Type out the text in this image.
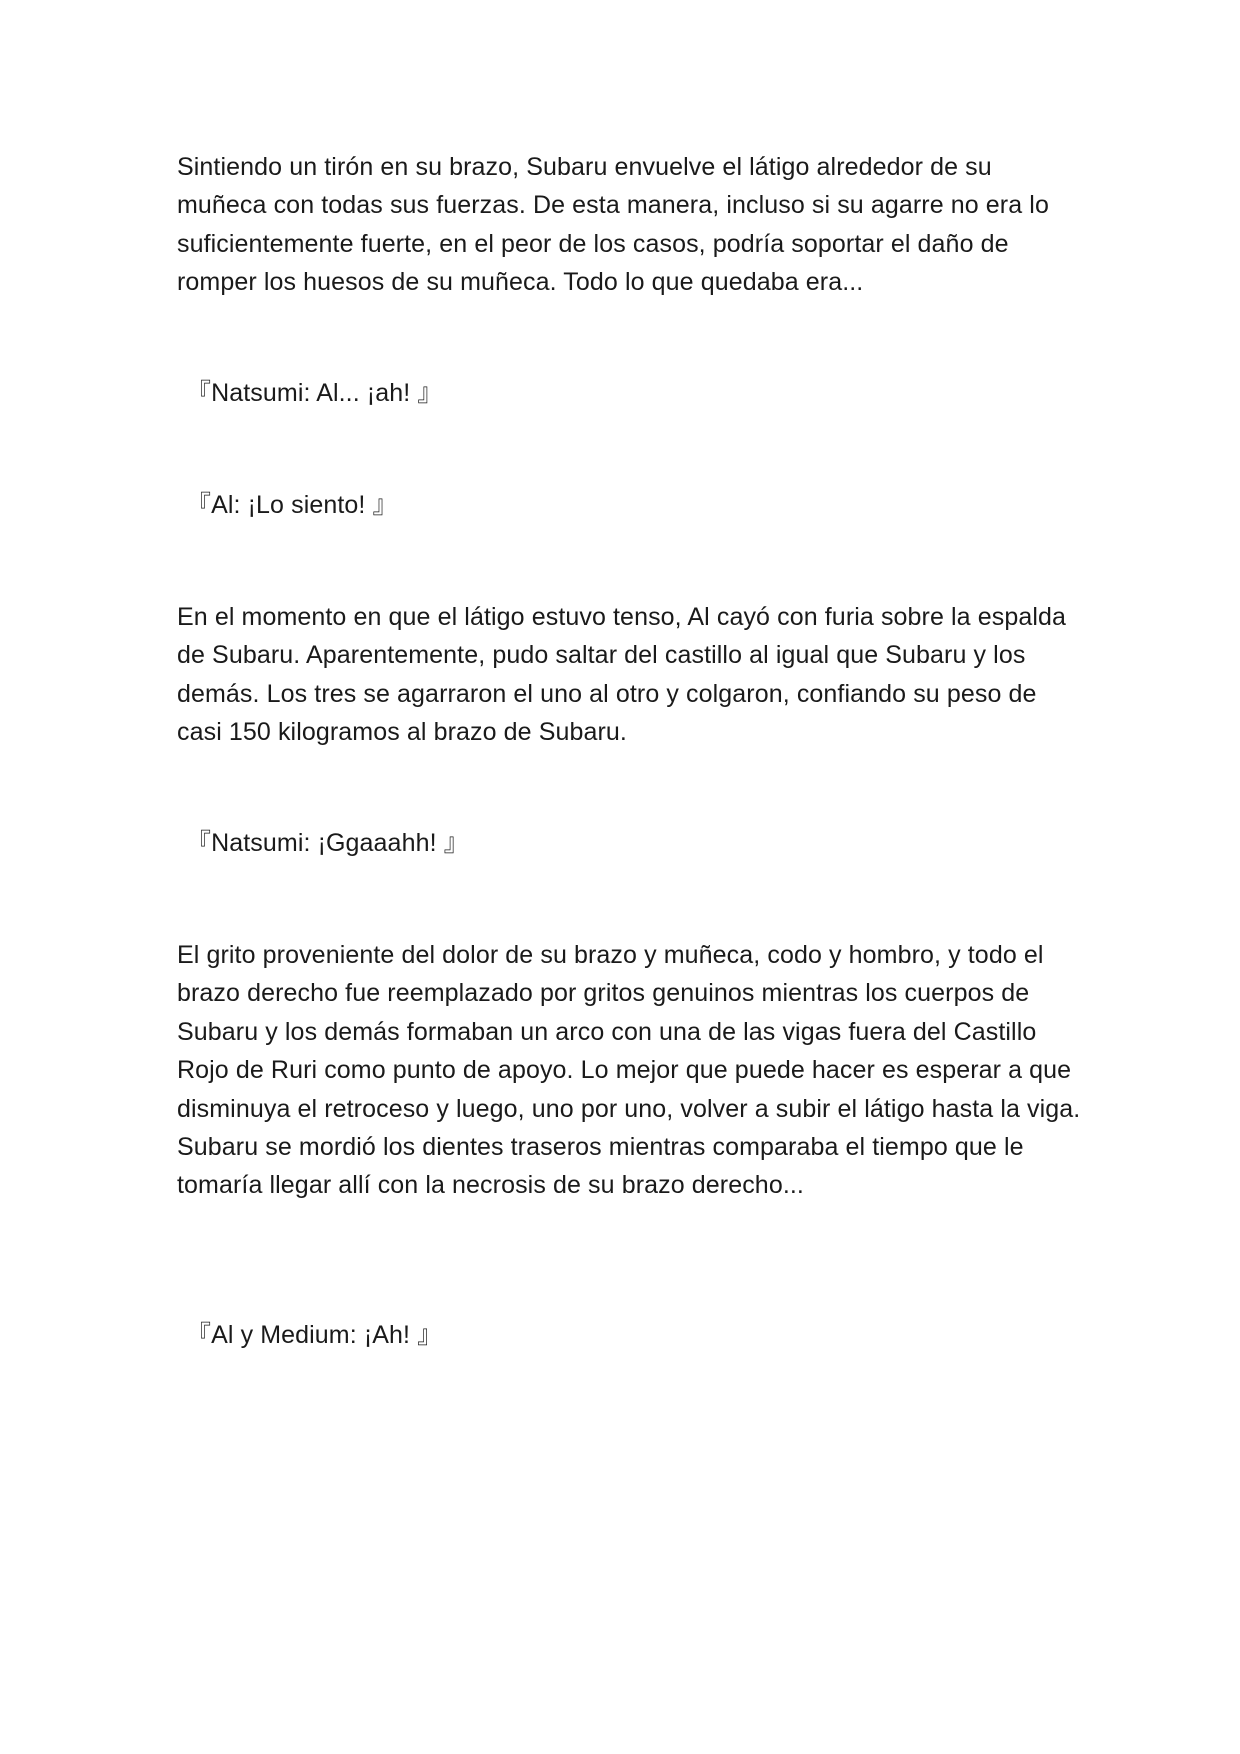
Sintiendo un tirón en su brazo, Subaru envuelve el látigo alrededor de su muñeca con todas sus fuerzas. De esta manera, incluso si su agarre no era lo suficientemente fuerte, en el peor de los casos, podría soportar el daño de romper los huesos de su muñeca. Todo lo que quedaba era...

『Natsumi: Al... ¡ah! 』

『Al: ¡Lo siento! 』

En el momento en que el látigo estuvo tenso, Al cayó con furia sobre la espalda de Subaru. Aparentemente, pudo saltar del castillo al igual que Subaru y los demás. Los tres se agarraron el uno al otro y colgaron, confiando su peso de casi 150 kilogramos al brazo de Subaru.

『Natsumi: ¡Ggaaahh! 』

El grito proveniente del dolor de su brazo y muñeca, codo y hombro, y todo el brazo derecho fue reemplazado por gritos genuinos mientras los cuerpos de Subaru y los demás formaban un arco con una de las vigas fuera del Castillo Rojo de Ruri como punto de apoyo. Lo mejor que puede hacer es esperar a que disminuya el retroceso y luego, uno por uno, volver a subir el látigo hasta la viga. Subaru se mordió los dientes traseros mientras comparaba el tiempo que le tomaría llegar allí con la necrosis de su brazo derecho...

『Al y Medium: ¡Ah! 』
